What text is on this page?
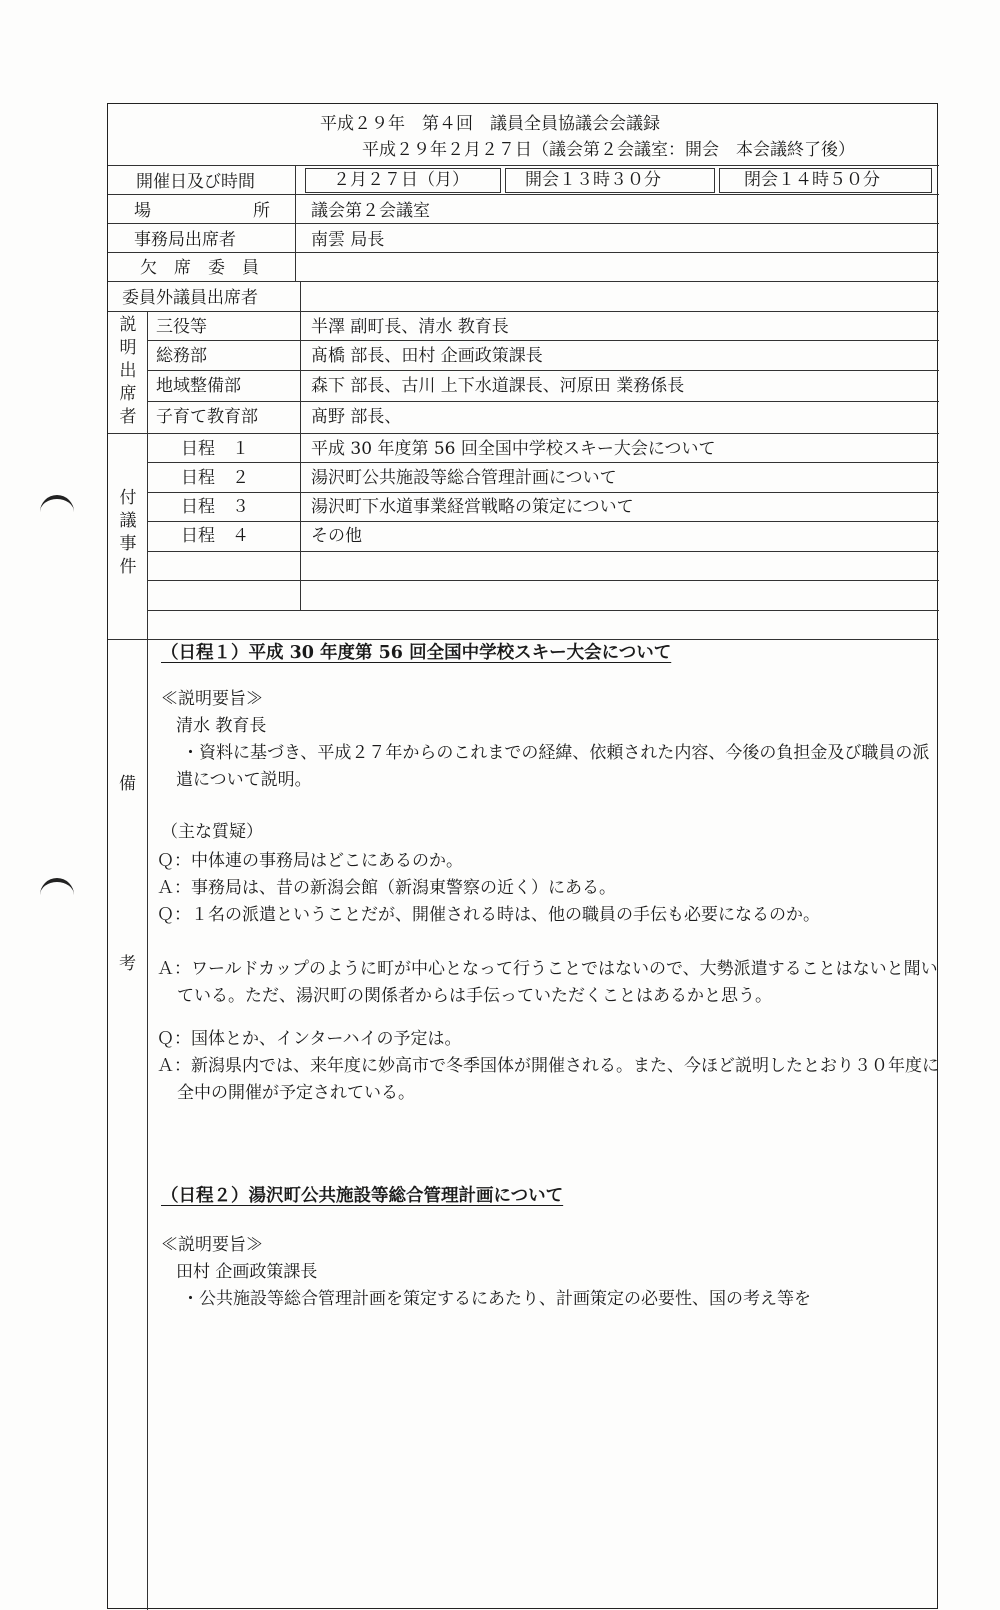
平成２９年　第４回　議員全員協議会会議録
平成２９年２月２７日（議会第２会議室：開会　本会議終了後）
開催日及び時間	２月２７日（月）	開会１３時３０分	閉会１４時５０分
場	所 議会第２会議室
事務局出席者	南雲 局長
欠　席　委　員
委員外議員出席者
説
明
出
席
者
三役等	半澤 副町長、清水 教育長
総務部	髙橋 部長、田村 企画政策課長
地域整備部	森下 部長、古川 上下水道課長、河原田 業務係長
子育て教育部	髙野 部長、
付
議
事
件
日程　１	平成 30 年度第 56 回全国中学校スキー大会について
日程　２	湯沢町公共施設等総合管理計画について
日程　３	湯沢町下水道事業経営戦略の策定について
日程　４	その他
備
考
（日程１）平成 30 年度第 56 回全国中学校スキー大会について
≪説明要旨≫
清水 教育長
・資料に基づき、平成２７年からのこれまでの経緯、依頼された内容、今後の負担金及び職員の派遣について説明。
（主な質疑）
Ｑ：中体連の事務局はどこにあるのか。
Ａ：事務局は、昔の新潟会館（新潟東警察の近く）にある。
Ｑ：１名の派遣ということだが、開催される時は、他の職員の手伝も必要になるのか。
Ａ：ワールドカップのように町が中心となって行うことではないので、大勢派遣することはないと聞いている。ただ、湯沢町の関係者からは手伝っていただくことはあるかと思う。
Ｑ：国体とか、インターハイの予定は。
Ａ：新潟県内では、来年度に妙高市で冬季国体が開催される。また、今ほど説明したとおり３０年度に全中の開催が予定されている。
（日程２）湯沢町公共施設等総合管理計画について
≪説明要旨≫
田村 企画政策課長
・公共施設等総合管理計画を策定するにあたり、計画策定の必要性、国の考え等を
